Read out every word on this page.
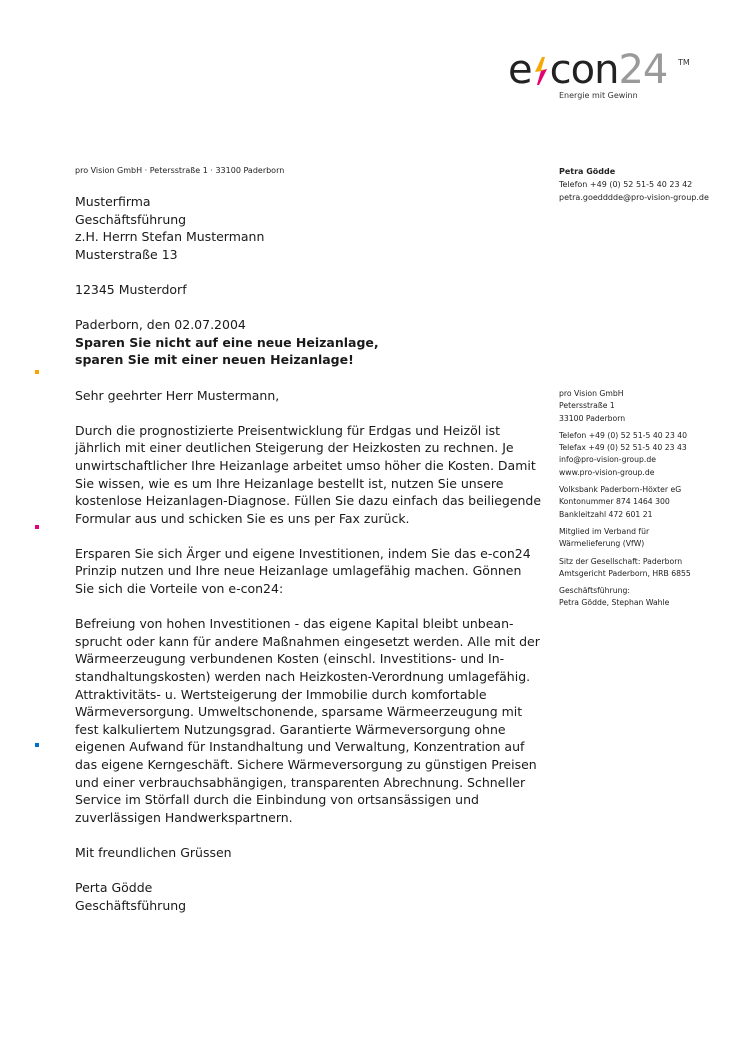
e con24 TM
Energie mit Gewinn
pro Vision GmbH · Petersstraße 1 · 33100 Paderborn	Petra Gödde
Telefon +49 (0) 52 51-5 40 23 42
petra.goedddde@pro-vision-group.de
pro Vision GmbH
Petersstraße 1
33100 Paderborn
Telefon +49 (0) 52 51-5 40 23 40
Telefax +49 (0) 52 51-5 40 23 43
info@pro-vision-group.de
www.pro-vision-group.de
Volksbank Paderborn-Höxter eG
Kontonummer 874 1464 300
Bankleitzahl 472 601 21
Mitglied im Verband für
Wärmelieferung (VfW)
Sitz der Gesellschaft: Paderborn
Amtsgericht Paderborn, HRB 6855
Geschäftsführung:
Petra Gödde, Stephan Wahle
Musterfirma
Geschäftsführung
z.H. Herrn Stefan Mustermann
Musterstraße 13
12345 Musterdorf
Paderborn, den 02.07.2004
Sparen Sie nicht auf eine neue Heizanlage,
sparen Sie mit einer neuen Heizanlage!
Sehr geehrter Herr Mustermann,
Durch die prognostizierte Preisentwicklung für Erdgas und Heizöl ist
jährlich mit einer deutlichen Steigerung der Heizkosten zu rechnen. Je
unwirtschaftlicher Ihre Heizanlage arbeitet umso höher die Kosten. Damit
Sie wissen, wie es um Ihre Heizanlage bestellt ist, nutzen Sie unsere
kostenlose Heizanlagen-Diagnose. Füllen Sie dazu einfach das beiliegende
Formular aus und schicken Sie es uns per Fax zurück.
Ersparen Sie sich Ärger und eigene Investitionen, indem Sie das e-con24
Prinzip nutzen und Ihre neue Heizanlage umlagefähig machen. Gönnen
Sie sich die Vorteile von e-con24:
Befreiung von hohen Investitionen - das eigene Kapital bleibt unbean-
sprucht oder kann für andere Maßnahmen eingesetzt werden. Alle mit der
Wärmeerzeugung verbundenen Kosten (einschl. Investitions- und In-
standhaltungskosten) werden nach Heizkosten-Verordnung umlagefähig.
Attraktivitäts- u. Wertsteigerung der Immobilie durch komfortable
Wärmeversorgung. Umweltschonende, sparsame Wärmeerzeugung mit
fest kalkuliertem Nutzungsgrad. Garantierte Wärmeversorgung ohne
eigenen Aufwand für Instandhaltung und Verwaltung, Konzentration auf
das eigene Kerngeschäft. Sichere Wärmeversorgung zu günstigen Preisen
und einer verbrauchsabhängigen, transparenten Abrechnung. Schneller
Service im Störfall durch die Einbindung von ortsansässigen und
zuverlässigen Handwerkspartnern.
Mit freundlichen Grüssen
Perta Gödde
Geschäftsführung
